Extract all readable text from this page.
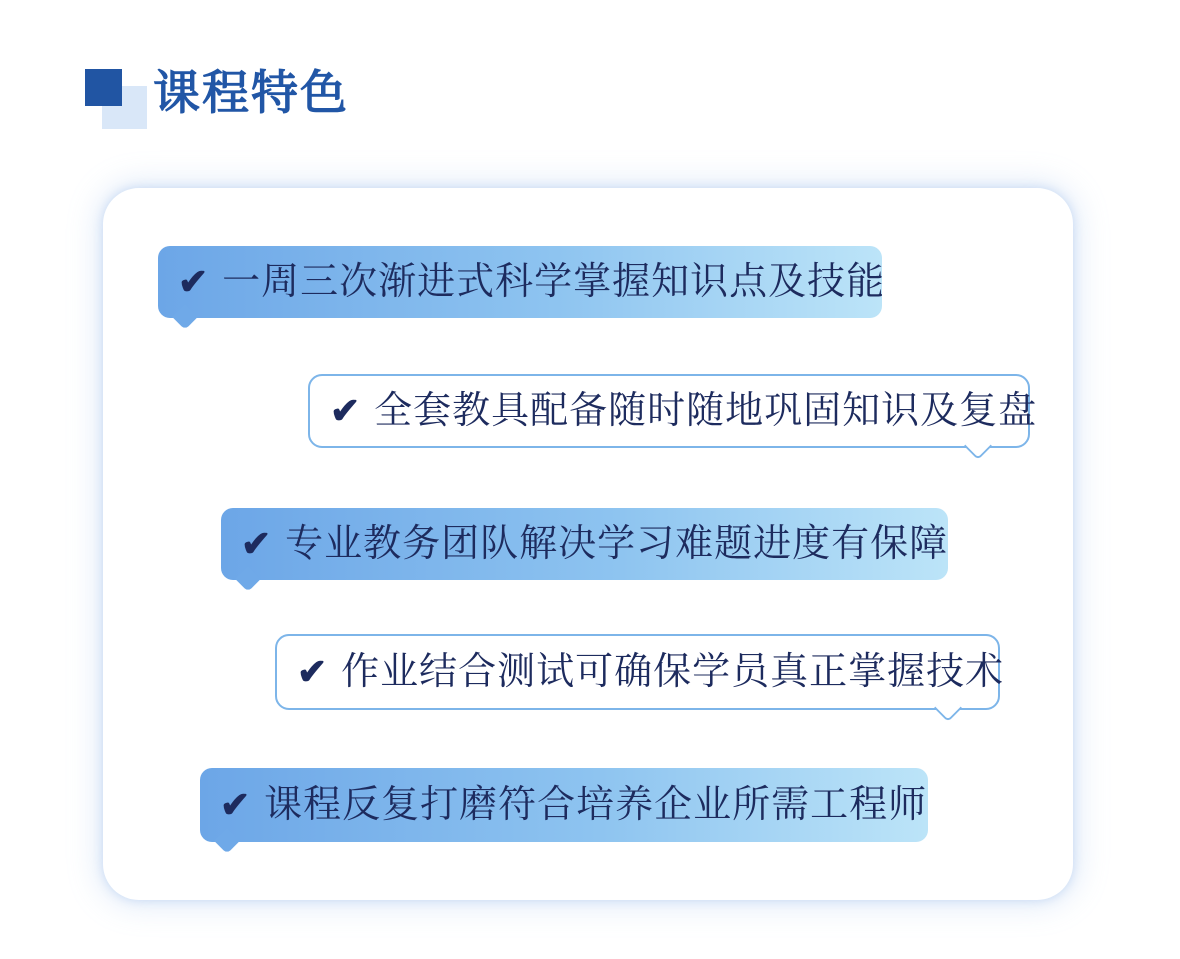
课程特色
✔ 一周三次渐进式科学掌握知识点及技能
✔ 全套教具配备随时随地巩固知识及复盘
✔ 专业教务团队解决学习难题进度有保障
✔ 作业结合测试可确保学员真正掌握技术
✔ 课程反复打磨符合培养企业所需工程师
